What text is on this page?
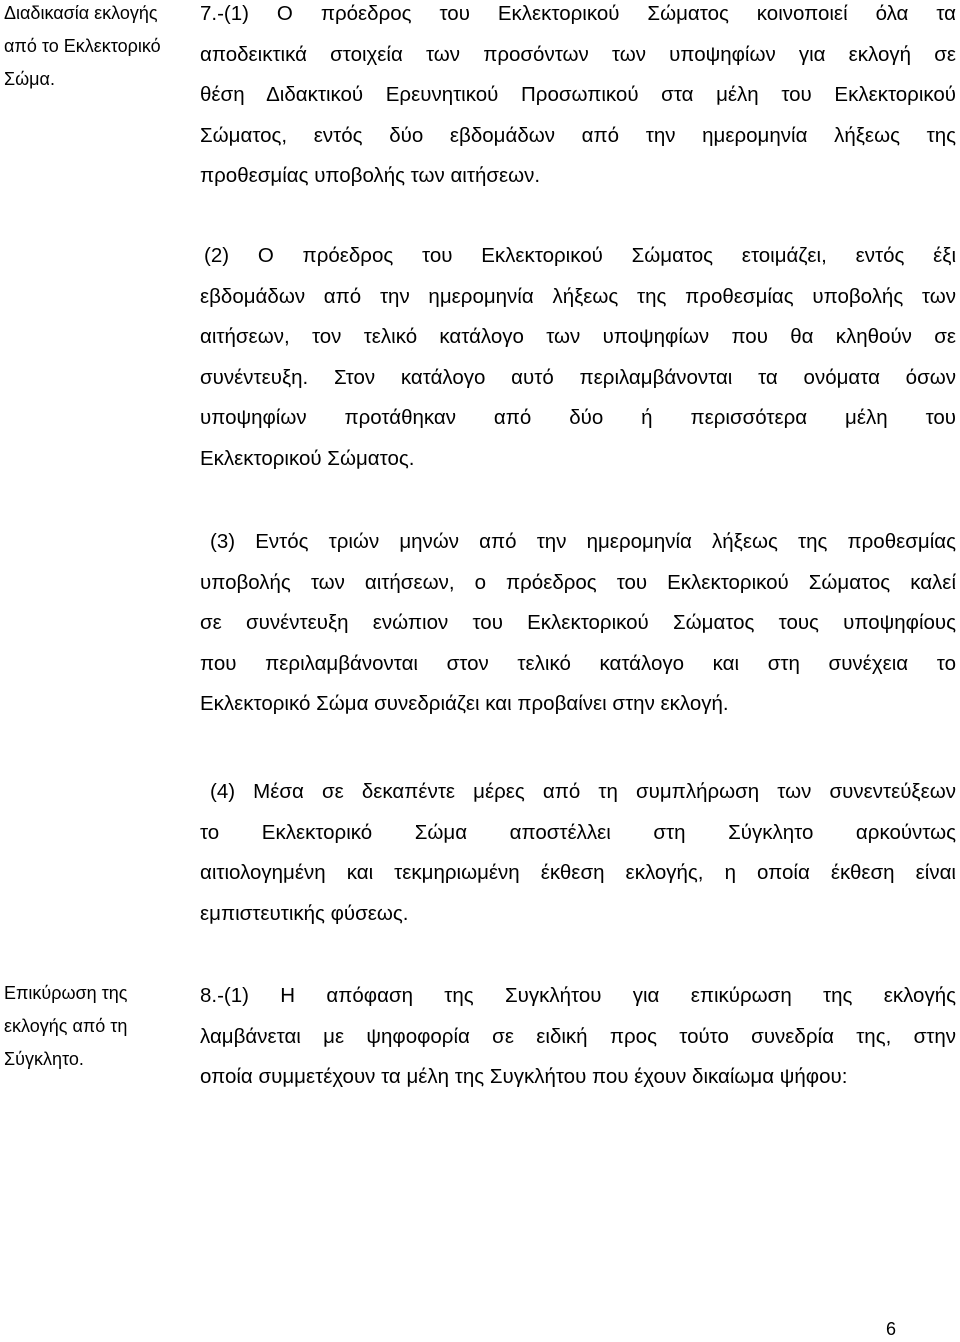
Διαδικασία εκλογής
από το Εκλεκτορικό
Σώμα.
7.-(1) Ο πρόεδρος του Εκλεκτορικού Σώματος κοινοποιεί όλα τα
αποδεικτικά στοιχεία των προσόντων των υποψηφίων για εκλογή σε
θέση Διδακτικού Ερευνητικού Προσωπικού στα μέλη του Εκλεκτορικού
Σώματος, εντός δύο εβδομάδων από την ημερομηνία λήξεως της
προθεσμίας υποβολής των αιτήσεων.
(2) Ο πρόεδρος του Εκλεκτορικού Σώματος ετοιμάζει, εντός έξι
εβδομάδων από την ημερομηνία λήξεως της προθεσμίας υποβολής των
αιτήσεων, τον τελικό κατάλογο των υποψηφίων που θα κληθούν σε
συνέντευξη. Στον κατάλογο αυτό περιλαμβάνονται τα ονόματα όσων
υποψηφίων προτάθηκαν από δύο ή περισσότερα μέλη του
Εκλεκτορικού Σώματος.
(3) Εντός τριών μηνών από την ημερομηνία λήξεως της προθεσμίας
υποβολής των αιτήσεων, ο πρόεδρος του Εκλεκτορικού Σώματος καλεί
σε συνέντευξη ενώπιον του Εκλεκτορικού Σώματος τους υποψηφίους
που περιλαμβάνονται στον τελικό κατάλογο και στη συνέχεια το
Εκλεκτορικό Σώμα συνεδριάζει και προβαίνει στην εκλογή.
(4) Μέσα σε δεκαπέντε μέρες από τη συμπλήρωση των συνεντεύξεων
το Εκλεκτορικό Σώμα αποστέλλει στη Σύγκλητο αρκούντως
αιτιολογημένη και τεκμηριωμένη έκθεση εκλογής, η οποία έκθεση είναι
εμπιστευτικής φύσεως.
Επικύρωση της
εκλογής από τη
Σύγκλητο.
8.-(1) Η απόφαση της Συγκλήτου για επικύρωση της εκλογής
λαμβάνεται με ψηφοφορία σε ειδική προς τούτο συνεδρία της, στην
οποία συμμετέχουν τα μέλη της Συγκλήτου που έχουν δικαίωμα ψήφου:
6
